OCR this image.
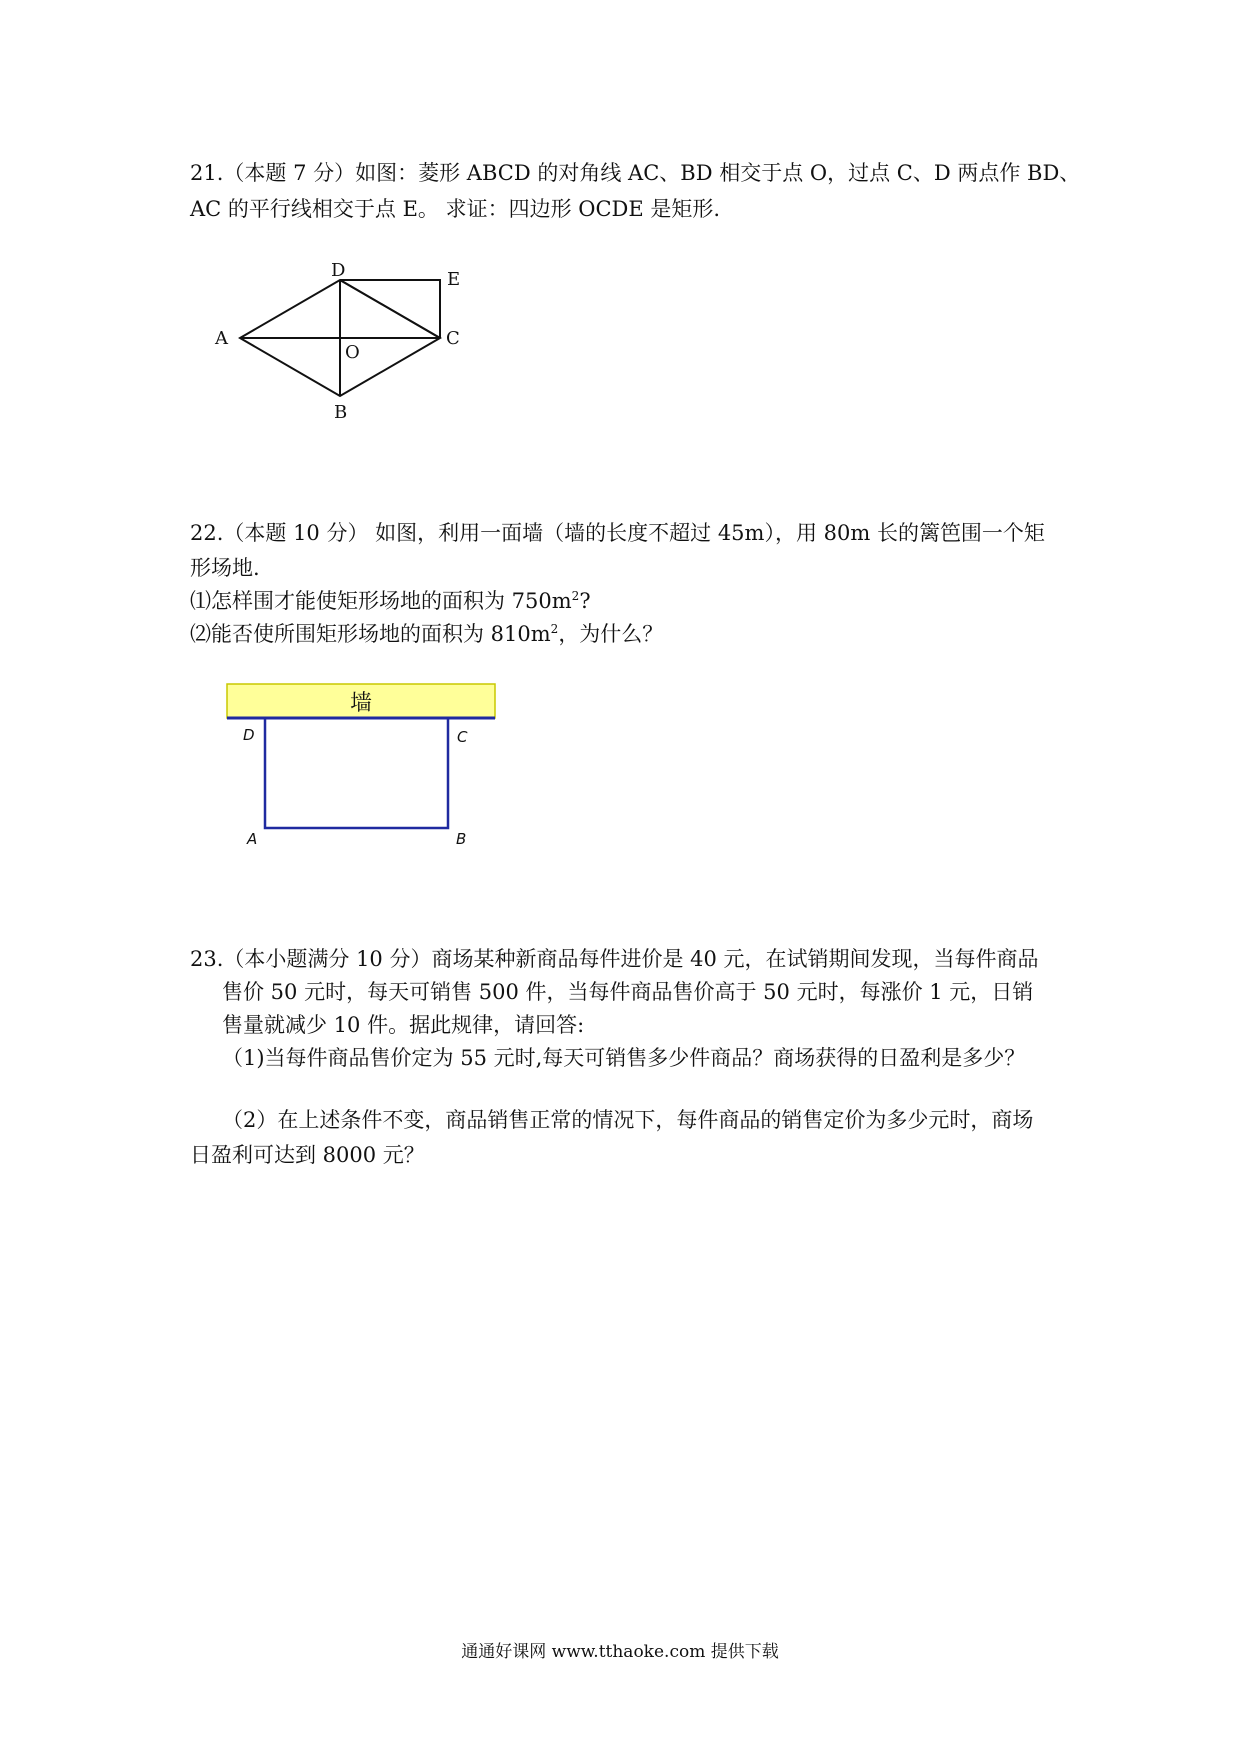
21.（本题 7 分）如图：菱形 ABCD 的对角线 AC、BD 相交于点 O，过点 C、D 两点作 BD、
AC 的平行线相交于点 E。 求证：四边形 OCDE 是矩形.
D	E
A	C
O
B
22.（本题 10 分） 如图，利用一面墙（墙的长度不超过 45m），用 80m 长的篱笆围一个矩
形场地.
⑴怎样围才能使矩形场地的面积为 $750m^2$?
⑵能否使所围矩形场地的面积为 $810m^2$，为什么？
墙
D	C
A	B
23.（本小题满分 10 分）商场某种新商品每件进价是 40 元，在试销期间发现，当每件商品
售价 50 元时，每天可销售 500 件，当每件商品售价高于 50 元时，每涨价 1 元，日销
售量就减少 10 件。据此规律，请回答:
（1)当每件商品售价定为 55 元时,每天可销售多少件商品？商场获得的日盈利是多少？
（2）在上述条件不变，商品销售正常的情况下，每件商品的销售定价为多少元时，商场
日盈利可达到 8000 元？
通通好课网 www.tthaoke.com 提供下载
